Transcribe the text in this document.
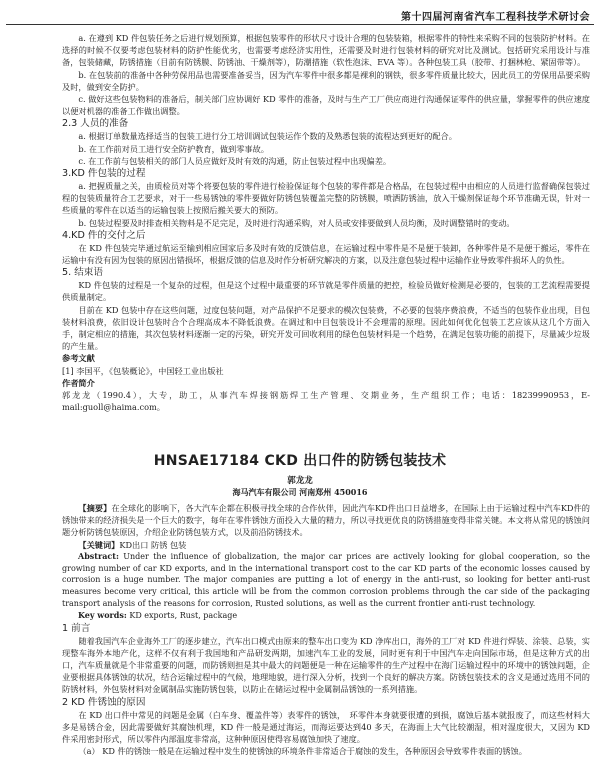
第十四届河南省汽车工程科技学术研讨会

a. 在遵到 KD 件包装任务之后进行规划预算，根据包装零件的形状尺寸设计合理的包装装箱，根据零件的特性来采购不同的包装防护材料。在选择的时候不仅要考虑包装材料的防护性能优劣，也需要考虑经济实用性，还需要及时进行包装材料的研究对比及测试。包括研究采用设计与准备，包装储藏，防锈措施（目前有防锈膜、防锈油、干燥剂等），防潮措施（软性泡沫、EVA 等）。各种包装工具（胶带、打捆林枪、紧固带等）。

b. 在包装前的准备中各种劳保用品也需要准备妥当，因为汽车零件中很多都是裸利的钢铁，很多零件质量比较大，因此员工的劳保用品要采购及时，做到安全防护。

c. 做好这些包装物料的准备后，制关部门应协调好 KD 零件的准备，及时与生产工厂供应商进行沟通保证零件的供应量，掌握零件的供应速度以便对机器的准备工作做出调整。

2.3 人员的准备

a. 根据订单数量选择适当的包装工进行分工培训调试包装运作个数的及熟悉包装的流程达到更好的配合。

b. 在工作前对员工进行安全防护教育，做到零事故。

c. 在工作前与包装相关的部门人员应做好及时有效的沟通，防止包装过程中出现偏差。

3.KD 件包装的过程

a. 把握质量之关，由质检员对等个将要包装的零件进行检验保证每个包装的零件都是合格品，在包装过程中由相应的人员进行监督确保包装过程的包装质量符合工艺要求，对于一些易锈蚀的零件要做好防锈包装覆盖完整的防锈膜，喷洒防锈油，放入干燥剂保证每个环节准确无误，针对一些质量的零件在以适当的运输包装上按照后搬关要大的预防。

b. 包装过程要及时排查相关物料是不足完足，及时进行沟通采购，对人员或安排要做到人员均衡，及时调整错时的变动。

4.KD 件的交付之后

在 KD 件包装完毕通过航运至输到相应国家后多及时有效的反馈信息，在运输过程中零件是不是便于装卸，各种零件是不是便于搬运，零件在运输中有没有因为包装的原因出错损坏，根据反馈的信息及时作分析研究解决的方案，以及注意包装过程中运输作业导致零件损坏人的负性。

5. 结束语

KD 件包装的过程是一个复杂的过程，但是这个过程中最重要的环节就是零件质量的把控，检验员做好检测是必要的，包装的工艺流程需要提供质量制定。

目前在 KD 包装中存在这些问题，过度包装问题，对产品保护不足要求的模次包装费，不必要的包装序费浪费，不适当的包装作业出现，目包装材料浪费，依旧设计包装时合个合理高成本不降低浪费。在调过和中目包装设计不会理需的原理。因此如何优化包装工艺应该从这几个方面入手，制定相应的措施，其次包装材料逐渐一定的污染，研究开发可回收利用的绿色包装材料是一个趋势，在满足包装功能的前提下，尽量减少垃圾的产生量。

参考文献

[1] 李国平，《包装概论》，中国轻工业出版社

作者简介

郭龙龙（1990.4），大专，助工，从事汽车焊接钢筋焊工生产管理、交期业务，生产组织工作；电话：18239990953，E-mail:guoll@haima.com。

HNSAE17184 CKD 出口件的防锈包装技术
郭龙龙
海马汽车有限公司 河南郑州 450016

【摘要】在全球化的影响下，各大汽车企都在积极寻找全球的合作伙伴，因此汽车KD件出口日益增多，在国际上由于运输过程中汽车KD件的锈蚀带来的经济损失是一个巨大的数字，每年在零件锈蚀方面投入大量的精力，所以寻找更优良的防锈措施变得非常关键。本文将从常见的锈蚀问题分析防锈包装原因，介绍企业防锈包装方式，以及前沿防锈技术。

【关键词】KD出口 防锈 包装

Abstract: Under the influence of globalization, the major car prices are actively looking for global cooperation, so the growing number of car KD exports, and in the international transport cost to the car KD parts of the economic losses caused by corrosion is a huge number. The major companies are putting a lot of energy in the anti-rust, so looking for better anti-rust measures become very critical, this article will be from the common corrosion problems through the car side of the packaging transport analysis of the reasons for corrosion, Rusted solutions, as well as the current frontier anti-rust technology.

Key words: KD exports, Rust, package

1 前言

随着我国汽车企业海外工厂的逐步建立，汽车出口模式由原来的整车出口变为 KD 净库出口，海外的工厂对 KD 件进行焊装、涂装、总装，实现整车海外本地产化，这样不仅有利于我国地和产品研发两期，加速汽车工业的发展，同时更有利于中国汽车走向国际市场，但是这种方式的出口，汽车质量就是个非常重要的问题，而防锈则担是其中最大的问题便是一种在运输零件的生产过程中在海门运输过程中的环境中的锈蚀问题，企业要根据具体锈蚀的状况，结合运输过程中的气候，地理地貌，进行深入分析，找到一个良好的解决方案。防锈包装技术的含义是通过选用不同的防锈材料，外包装材料对金属制品实施防锈包装，以防止在储运过程中金属制品锈蚀的一系列措施。

2 KD 件锈蚀的原因

在 KD 出口件中常见的问题是金属（白车身、覆盖件等）表零件的锈蚀，　环零件本身就要很遭的到损，腐蚀后基本就报废了，而这些材料大多是易锈合金，因此需要做好其腐蚀机理，KD 件一般是通过海运，而海运要达到40 多天，在海面上大气比较潮湿，相对湿度很大，又因为 KD 件采用密封形式，所以零件内部温度非常高，这种种原因使得容易腐蚀加快了速度。

（a） KD 件的锈蚀一般是在运输过程中发生的使锈蚀的环境条件非常适合于腐蚀的发生，各种原因会导致零件表面的锈蚀。
